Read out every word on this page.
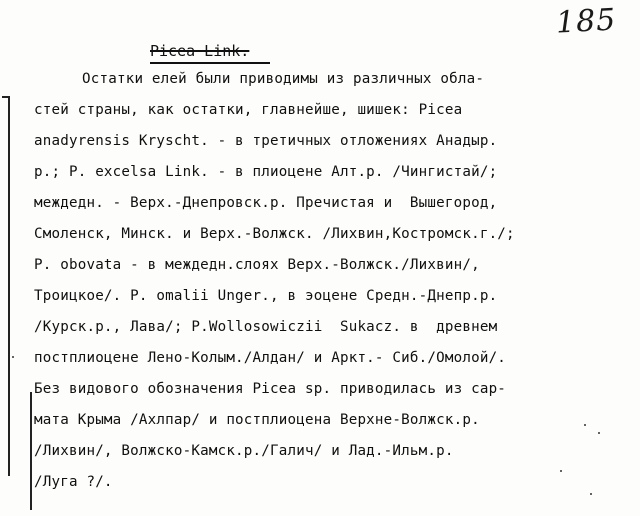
185
Picea Link.
Остатки елей были приводимы из различных обла-
стей страны, как остатки, главнейше, шишек: Picea
anadyrensis Kryscht. - в третичных отложениях Анадыр.
р.; P. excelsa Link. - в плиоцене Алт.р. /Чингистай/;
междедн. - Верх.-Днепровск.р. Пречистая и  Вышегород,
Смоленск, Минск. и Верх.-Волжск. /Лихвин,Костромск.г./;
P. obovata - в междедн.слоях Верх.-Волжск./Лихвин/,
Троицкое/. P. omalii Unger., в эоцене Средн.-Днепр.р.
/Курск.р., Лава/; P.Wollosowiczii  Sukacz. в  древнем
постплиоцене Лено-Колым./Алдан/ и Аркт.- Сиб./Омолой/.
Без видового обозначения Picea sp. приводилась из сар-
мата Крыма /Ахлпар/ и постплиоцена Верхне-Волжск.р.
/Лихвин/, Волжско-Камск.р./Галич/ и Лад.-Ильм.р.
/Луга ?/.
